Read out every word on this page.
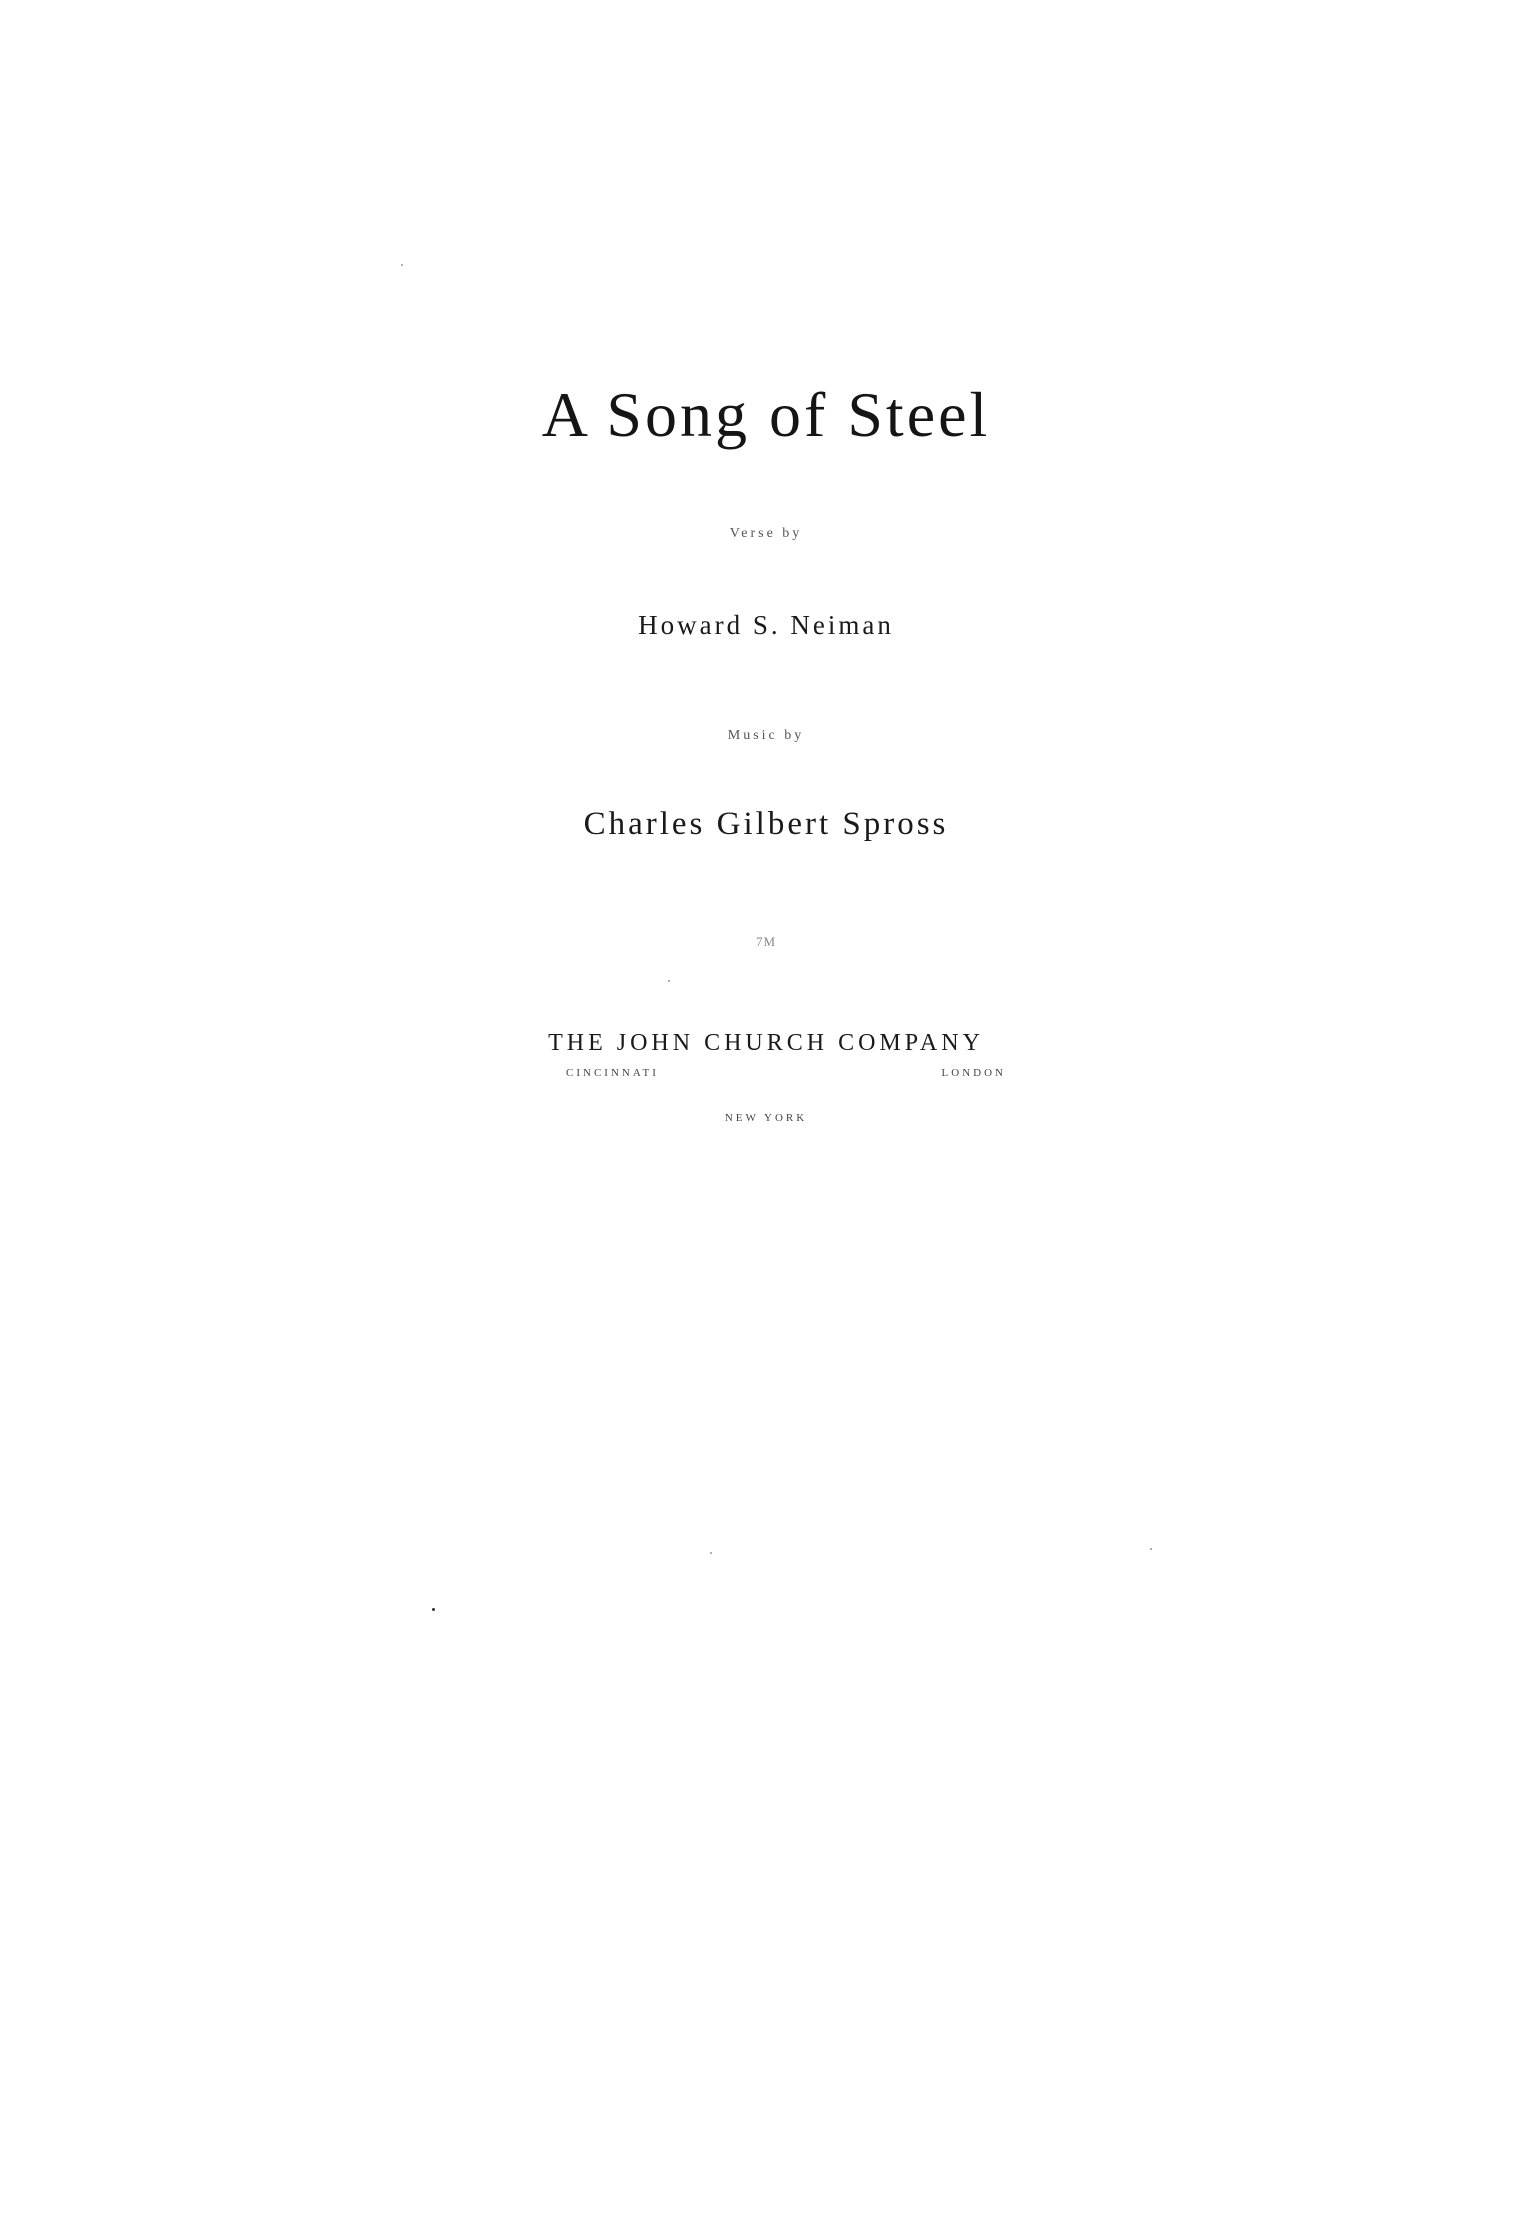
A Song of Steel
Verse by
Howard S. Neiman
Music by
Charles Gilbert Spross
7M
THE JOHN CHURCH COMPANY
CINCINNATI	LONDON
NEW YORK
